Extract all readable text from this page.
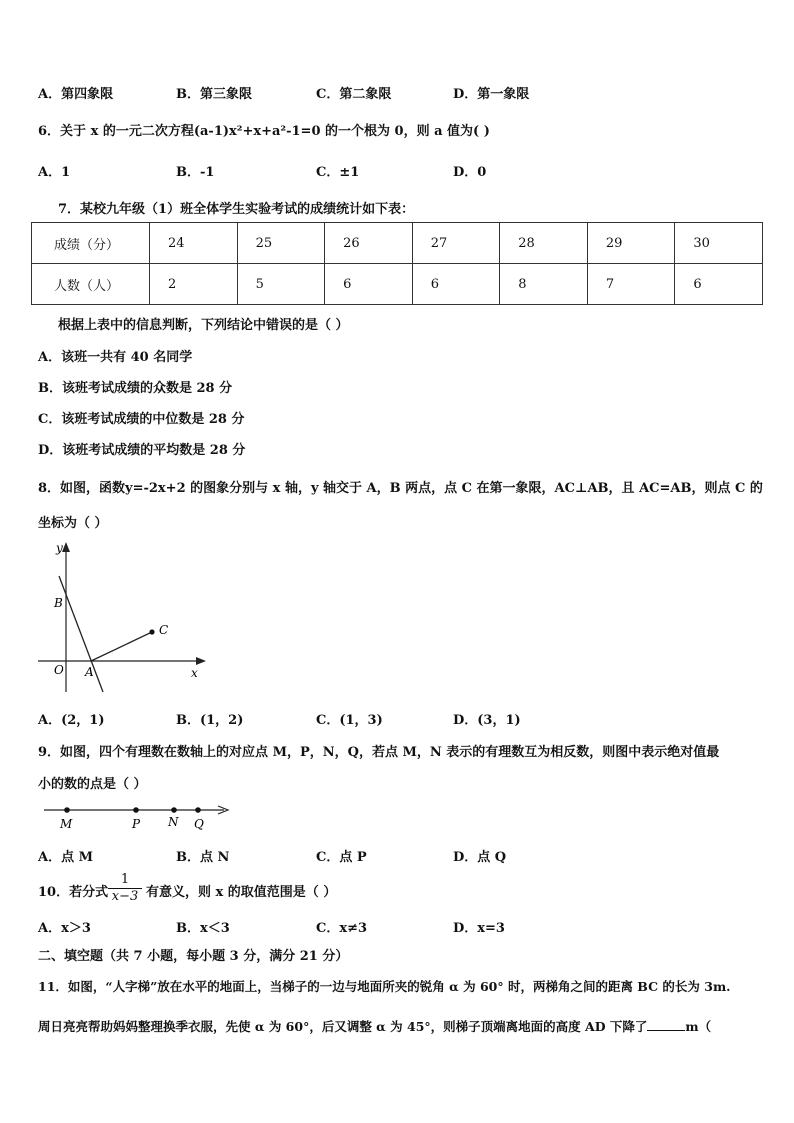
A．第四象限	B．第三象限	C．第二象限	D．第一象限
6．关于 x 的一元二次方程(a-1)x²+x+a²-1=0 的一个根为 0，则 a 值为( )
A．1	B．-1	C．±1	D．0
7．某校九年级（1）班全体学生实验考试的成绩统计如下表：
成绩（分）	24	25	26	27	28	29	30
人数（人）	2	5	6	6	8	7	6
根据上表中的信息判断，下列结论中错误的是（ ）
A．该班一共有 40 名同学
B．该班考试成绩的众数是 28 分
C．该班考试成绩的中位数是 28 分
D．该班考试成绩的平均数是 28 分
8．如图，函数y=-2x+2 的图象分别与 x 轴，y 轴交于 A，B 两点，点 C 在第一象限，AC⊥AB，且 AC=AB，则点 C 的
坐标为（ ）
y
B
C
O A	x
A．(2，1)	B．(1，2)	C．(1，3)	D．(3，1)
9．如图，四个有理数在数轴上的对应点 M，P，N，Q，若点 M，N 表示的有理数互为相反数，则图中表示绝对值最
小的数的点是（ ）
M	P N Q
A．点 M	B．点 N	C．点 P	D．点 Q
10．若分式
1
x−3 有意义，则 x 的取值范围是（ ）
A．x＞3	B．x＜3	C．x≠3	D．x=3
二、填空题（共 7 小题，每小题 3 分，满分 21 分）
11．如图，“人字梯”放在水平的地面上，当梯子的一边与地面所夹的锐角 α 为 60° 时，两梯角之间的距离 BC 的长为 3m.
周日亮亮帮助妈妈整理换季衣服，先使 α 为 60°，后又调整 α 为 45°，则梯子顶端离地面的高度 AD 下降了	m（
